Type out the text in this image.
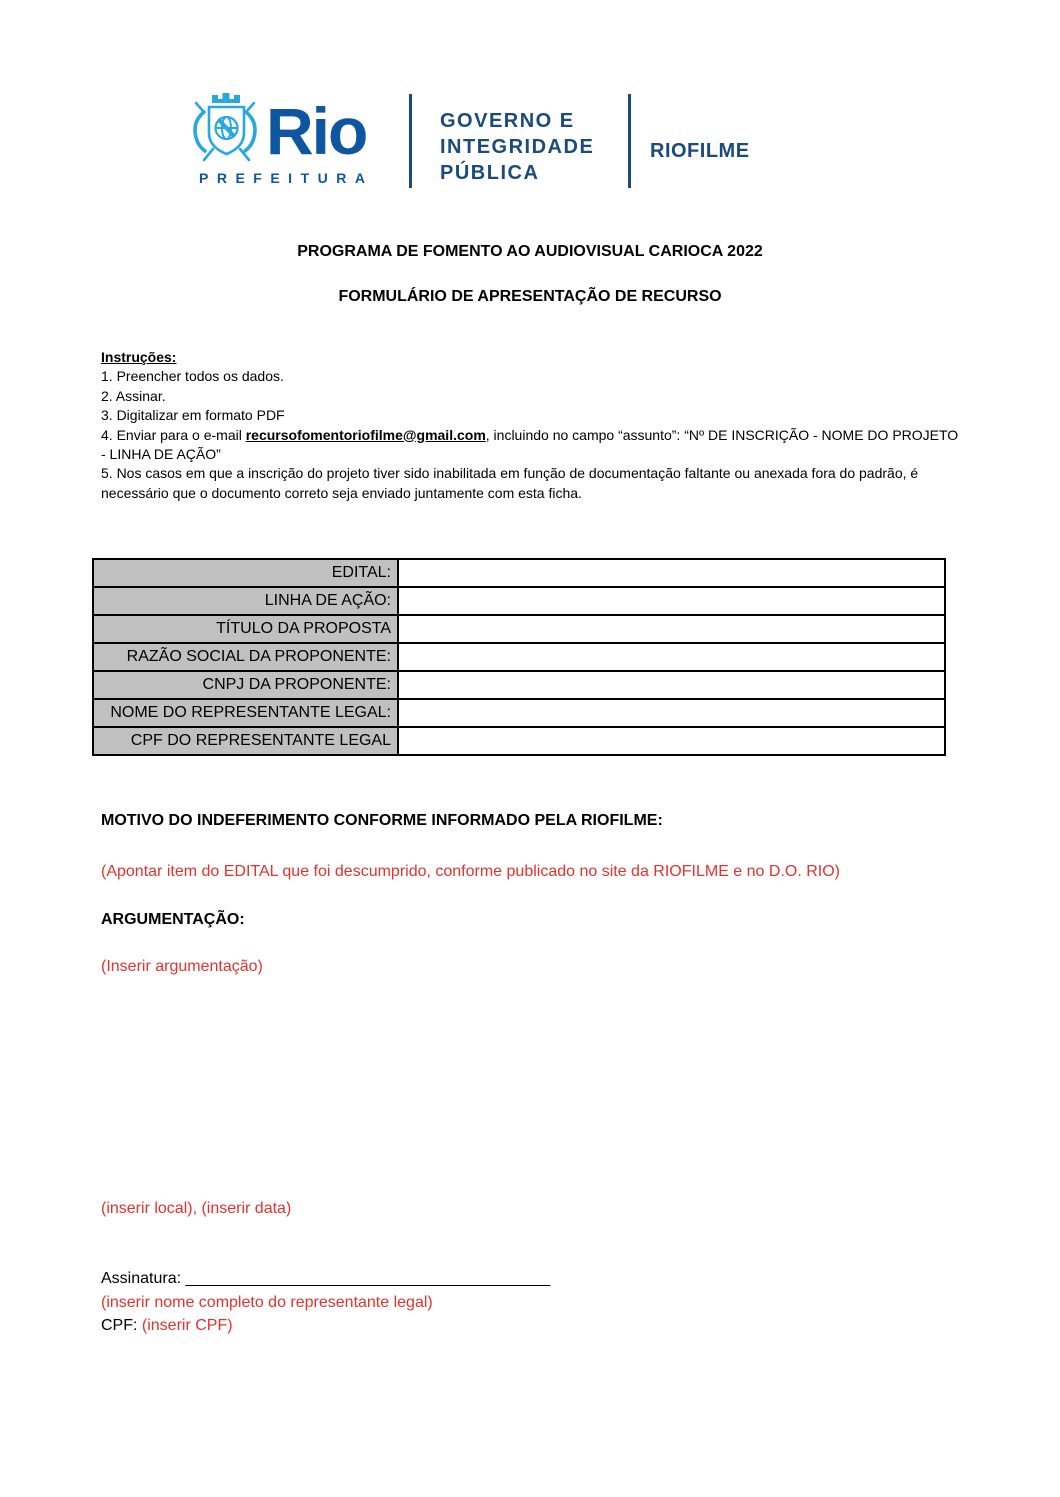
Rio
PREFEITURA
GOVERNO E
INTEGRIDADE
PÚBLICA
RIOFILME
PROGRAMA DE FOMENTO AO AUDIOVISUAL CARIOCA 2022
FORMULÁRIO DE APRESENTAÇÃO DE RECURSO
Instruções:
1. Preencher todos os dados.
2. Assinar.
3. Digitalizar em formato PDF
4. Enviar para o e-mail recursofomentoriofilme@gmail.com, incluindo no campo “assunto”: “Nº DE INSCRIÇÃO - NOME DO PROJETO - LINHA DE AÇÃO”
5. Nos casos em que a inscrição do projeto tiver sido inabilitada em função de documentação faltante ou anexada fora do padrão, é necessário que o documento correto seja enviado juntamente com esta ficha.
EDITAL:	
LINHA DE AÇÃO:	
TÍTULO DA PROPOSTA	
RAZÃO SOCIAL DA PROPONENTE:	
CNPJ DA PROPONENTE:	
NOME DO REPRESENTANTE LEGAL:	
CPF DO REPRESENTANTE LEGAL	
MOTIVO DO INDEFERIMENTO CONFORME INFORMADO PELA RIOFILME:
(Apontar item do EDITAL que foi descumprido, conforme publicado no site da RIOFILME e no D.O. RIO)
ARGUMENTAÇÃO:
(Inserir argumentação)
(inserir local), (inserir data)
Assinatura: _________________________________________
(inserir nome completo do representante legal)
CPF: (inserir CPF)
